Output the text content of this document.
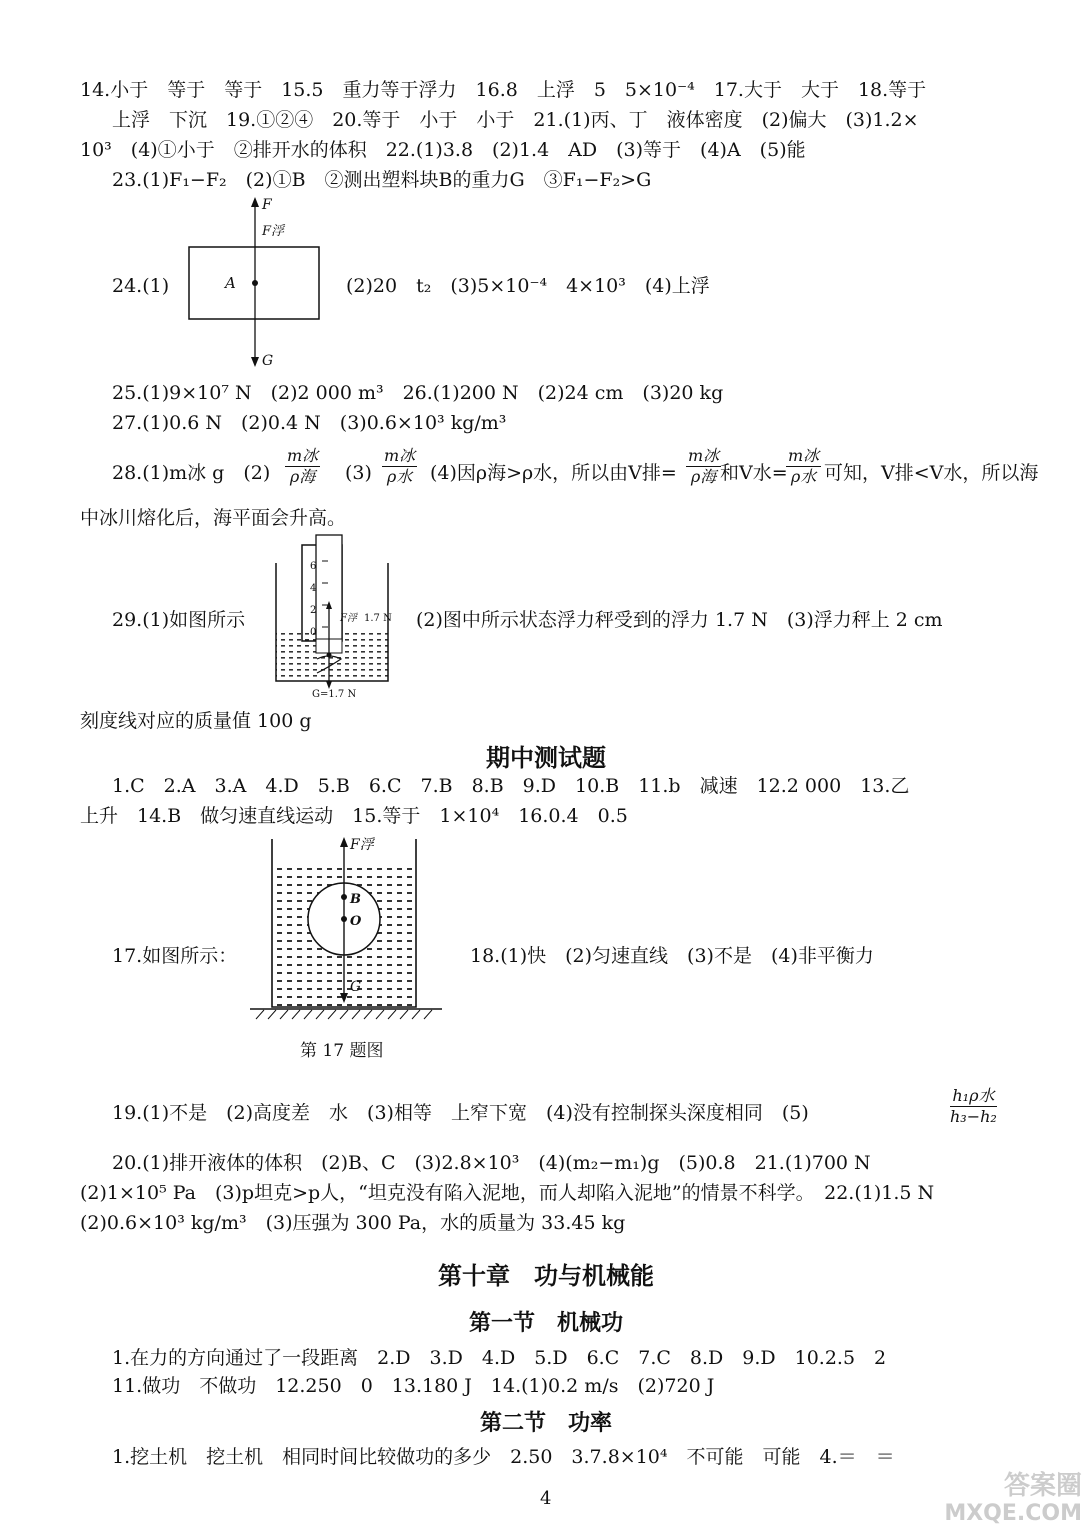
14.小于　等于　等于　15.5　重力等于浮力　16.8　上浮　5　5×10⁻⁴　17.大于　大于　18.等于
上浮　下沉　19.①②④　20.等于　小于　小于　21.(1)丙、丁　液体密度　(2)偏大　(3)1.2×
10³　(4)①小于　②排开水的体积　22.(1)3.8　(2)1.4　AD　(3)等于　(4)A　(5)能
23.(1)F₁−F₂　(2)①B　②测出塑料块B的重力G　③F₁−F₂>G
24.(1)
F
F浮
A
G
(2)20　t₂　(3)5×10⁻⁴　4×10³　(4)上浮
25.(1)9×10⁷ N　(2)2 000 m³　26.(1)200 N　(2)24 cm　(3)20 kg
27.(1)0.6 N　(2)0.4 N　(3)0.6×10³ kg/m³
28.(1)m冰 g　(2)
m冰
ρ海 (3)
m冰
ρ水 (4)因ρ海>ρ水，所以由V排=
m冰
ρ海 和V水=
m冰
ρ水 可知，V排<V水，所以海
中冰川熔化后，海平面会升高。
29.(1)如图所示
6
4
2
0
F浮 1.7 N
G=1.7 N
(2)图中所示状态浮力秤受到的浮力 1.7 N　(3)浮力秤上 2 cm
刻度线对应的质量值 100 g
期中测试题
1.C　2.A　3.A　4.D　5.B　6.C　7.B　8.B　9.D　10.B　11.b　减速　12.2 000　13.乙
上升　14.B　做匀速直线运动　15.等于　1×10⁴　16.0.4　0.5
17.如图所示：
F浮
B
O
G
18.(1)快　(2)匀速直线　(3)不是　(4)非平衡力
第 17 题图
19.(1)不是　(2)高度差　水　(3)相等　上窄下宽　(4)没有控制探头深度相同　(5)
h₁ρ水
h₃−h₂
20.(1)排开液体的体积　(2)B、C　(3)2.8×10³　(4)(m₂−m₁)g　(5)0.8　21.(1)700 N
(2)1×10⁵ Pa　(3)p坦克>p人，“坦克没有陷入泥地，而人却陷入泥地”的情景不科学。　22.(1)1.5 N
(2)0.6×10³ kg/m³　(3)压强为 300 Pa，水的质量为 33.45 kg
第十章　功与机械能
第一节　机械功
1.在力的方向通过了一段距离　2.D　3.D　4.D　5.D　6.C　7.C　8.D　9.D　10.2.5　2
11.做功　不做功　12.250　0　13.180 J　14.(1)0.2 m/s　(2)720 J
第二节　功率
1.挖土机　挖土机　相同时间比较做功的多少　2.50　3.7.8×10⁴　不可能　可能　4.＝　＝
4	答案圈
MXQE.COM
